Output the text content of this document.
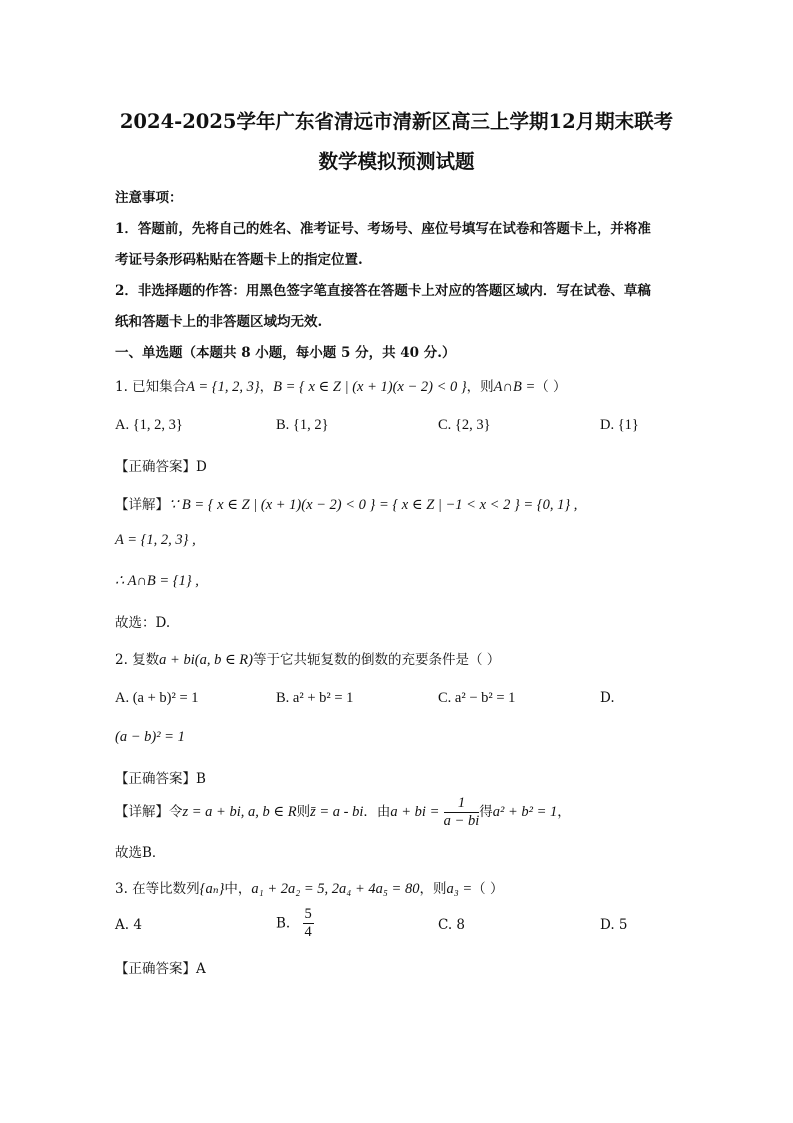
2024-2025学年广东省清远市清新区高三上学期12月期末联考
数学模拟预测试题
注意事项：
1．答题前，先将自己的姓名、准考证号、考场号、座位号填写在试卷和答题卡上，并将准
考证号条形码粘贴在答题卡上的指定位置.
2．非选择题的作答：用黑色签字笔直接答在答题卡上对应的答题区域内．写在试卷、草稿
纸和答题卡上的非答题区域均无效.
一、单选题（本题共 8 小题，每小题 5 分，共 40 分.）
1. 已知集合A = {1, 2, 3}，B = { x ∈ Z | (x + 1)(x − 2) < 0 }，则A∩B =（ ）
A. {1, 2, 3}	B. {1, 2}	C. {2, 3}	D. {1}
【正确答案】D
【详解】∵ B = { x ∈ Z | (x + 1)(x − 2) < 0 } = { x ∈ Z | −1 < x < 2 } = {0, 1} ,
A = {1, 2, 3} ,
∴ A∩B = {1} ,
故选：D.
2. 复数a + bi(a, b ∈ R)等于它共轭复数的倒数的充要条件是（ ）
A. (a + b)² = 1	B. a² + b² = 1	C. a² − b² = 1	D.
(a − b)² = 1
【正确答案】B
【详解】令z = a + bi, a, b ∈ R则z̄ = a - bi．由a + bi = $\frac{1}{a - bi}$ 得a² + b² = 1，
故选B．
3. 在等比数列{aₙ}中，a₁ + 2a₂ = 5, 2a₄ + 4a₅ = 80，则a₃ =（ ）
A. 4	B. $\frac{5}{4}$	C. 8	D. 5
【正确答案】A
